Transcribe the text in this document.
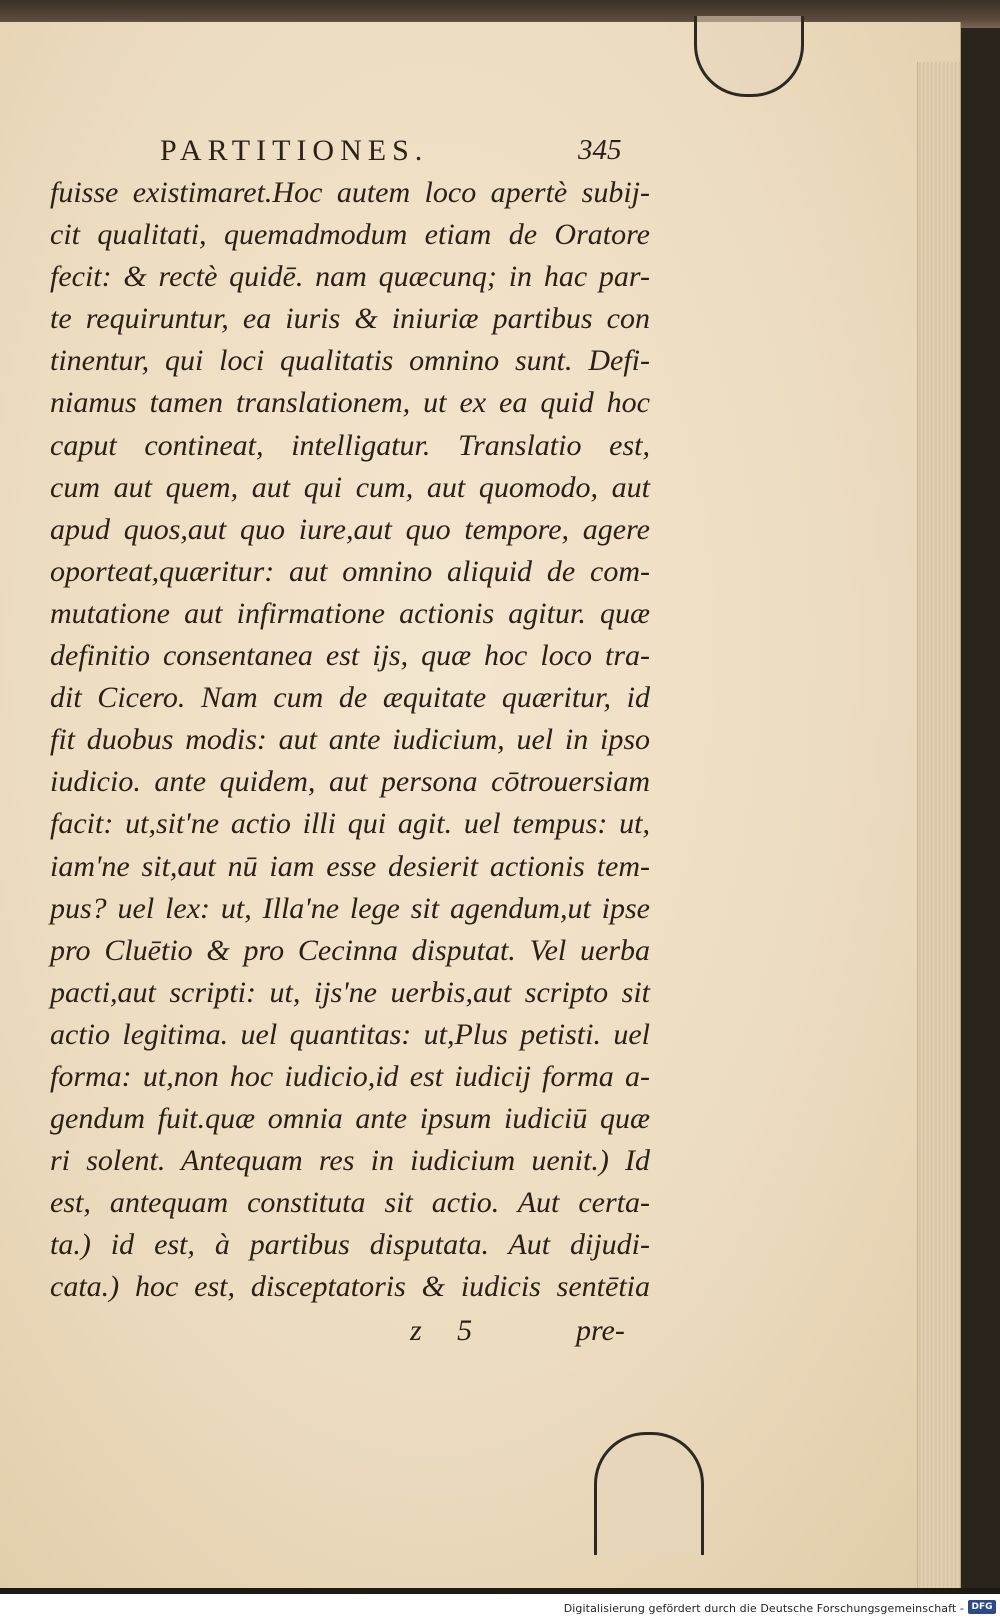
PARTITIONES.	345
fuisse existimaret.Hoc autem loco apertè subij-
cit qualitati, quemadmodum etiam de Oratore
fecit: & rectè quidē. nam quæcunq; in hac par-
te requiruntur, ea iuris & iniuriæ partibus con
tinentur, qui loci qualitatis omnino sunt. Defi-
niamus tamen translationem, ut ex ea quid hoc
caput contineat, intelligatur. Translatio est,
cum aut quem, aut qui cum, aut quomodo, aut
apud quos,aut quo iure,aut quo tempore, agere
oporteat,quæritur: aut omnino aliquid de com-
mutatione aut infirmatione actionis agitur. quæ
definitio consentanea est ijs, quæ hoc loco tra-
dit Cicero. Nam cum de æquitate quæritur, id
fit duobus modis: aut ante iudicium, uel in ipso
iudicio. ante quidem, aut persona cōtrouersiam
facit: ut,sit'ne actio illi qui agit. uel tempus: ut,
iam'ne sit,aut nū iam esse desierit actionis tem-
pus? uel lex: ut, Illa'ne lege sit agendum,ut ipse
pro Cluētio & pro Cecinna disputat. Vel uerba
pacti,aut scripti: ut, ijs'ne uerbis,aut scripto sit
actio legitima. uel quantitas: ut,Plus petisti. uel
forma: ut,non hoc iudicio,id est iudicij forma a-
gendum fuit.quæ omnia ante ipsum iudiciū quæ
ri solent. Antequam res in iudicium uenit.) Id
est, antequam constituta sit actio. Aut certa-
ta.) id est, à partibus disputata. Aut dijudi-
cata.) hoc est, disceptatoris & iudicis sentētia
z 5	pre-
Digitalisierung gefördert durch die Deutsche Forschungsgemeinschaft - DFG
